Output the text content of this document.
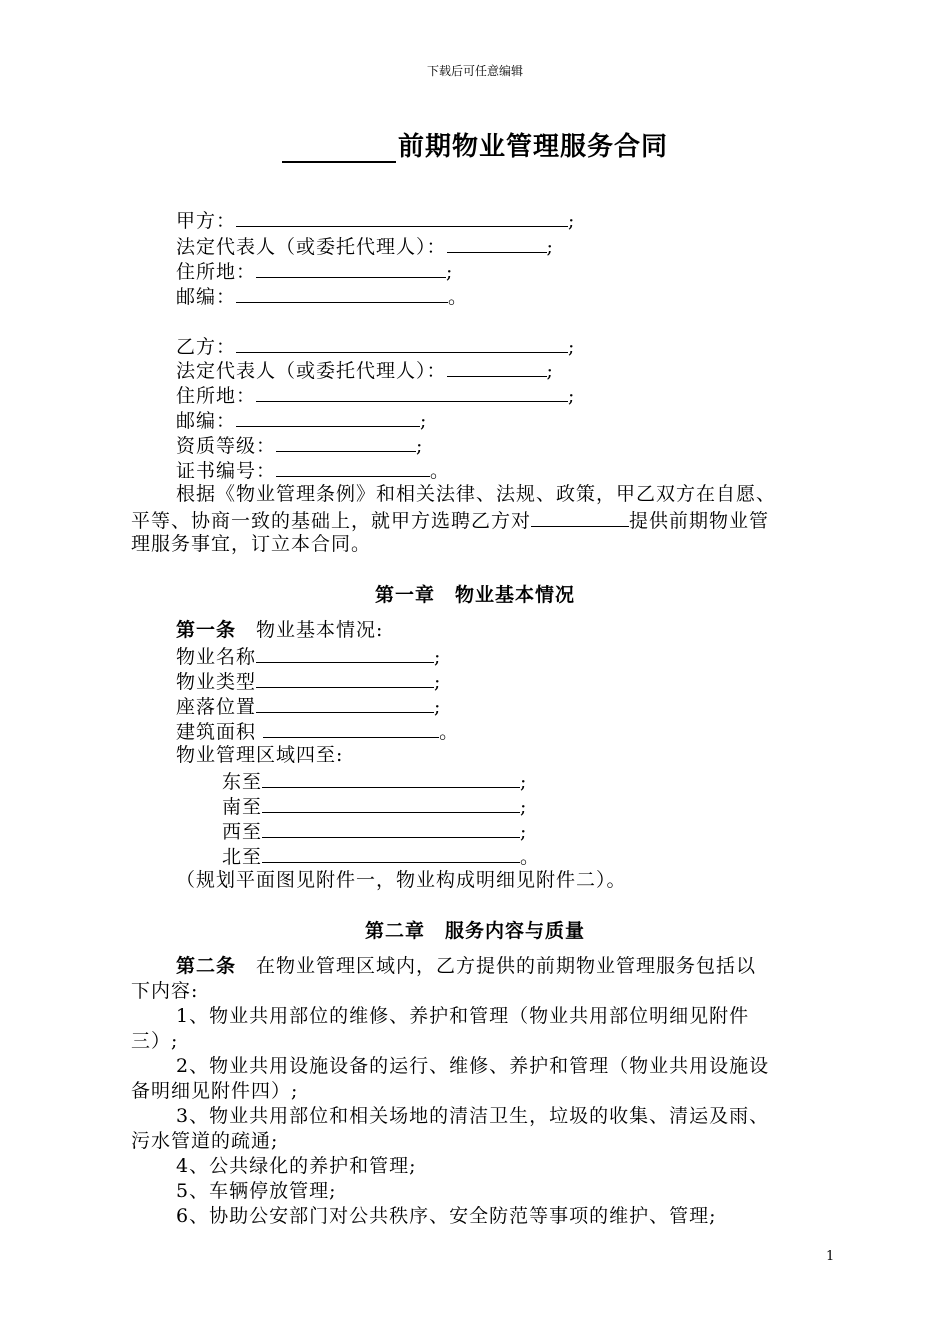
下载后可任意编辑
前期物业管理服务合同
甲方：	;
法定代表人（或委托代理人）：	;
住所地：	;
邮编：	。
乙方：	;
法定代表人（或委托代理人）：	;
住所地：	;
邮编：	;
资质等级：	;
证书编号：	。
根据《物业管理条例》和相关法律、法规、政策，甲乙双方在自愿、
平等、协商一致的基础上，就甲方选聘乙方对	提供前期物业管
理服务事宜，订立本合同。
第一章　物业基本情况
第一条　物业基本情况:
物业名称	;
物业类型	;
座落位置	;
建筑面积	。
物业管理区域四至:
东至	;
南至	;
西至	;
北至	。
（规划平面图见附件一，物业构成明细见附件二）。
第二章　服务内容与质量
第二条　在物业管理区域内，乙方提供的前期物业管理服务包括以
下内容:
1、物业共用部位的维修、养护和管理（物业共用部位明细见附件
三）;
2、物业共用设施设备的运行、维修、养护和管理（物业共用设施设
备明细见附件四）;
3、物业共用部位和相关场地的清洁卫生，垃圾的收集、清运及雨、
污水管道的疏通;
4、公共绿化的养护和管理;
5、车辆停放管理;
6、协助公安部门对公共秩序、安全防范等事项的维护、管理;
1
